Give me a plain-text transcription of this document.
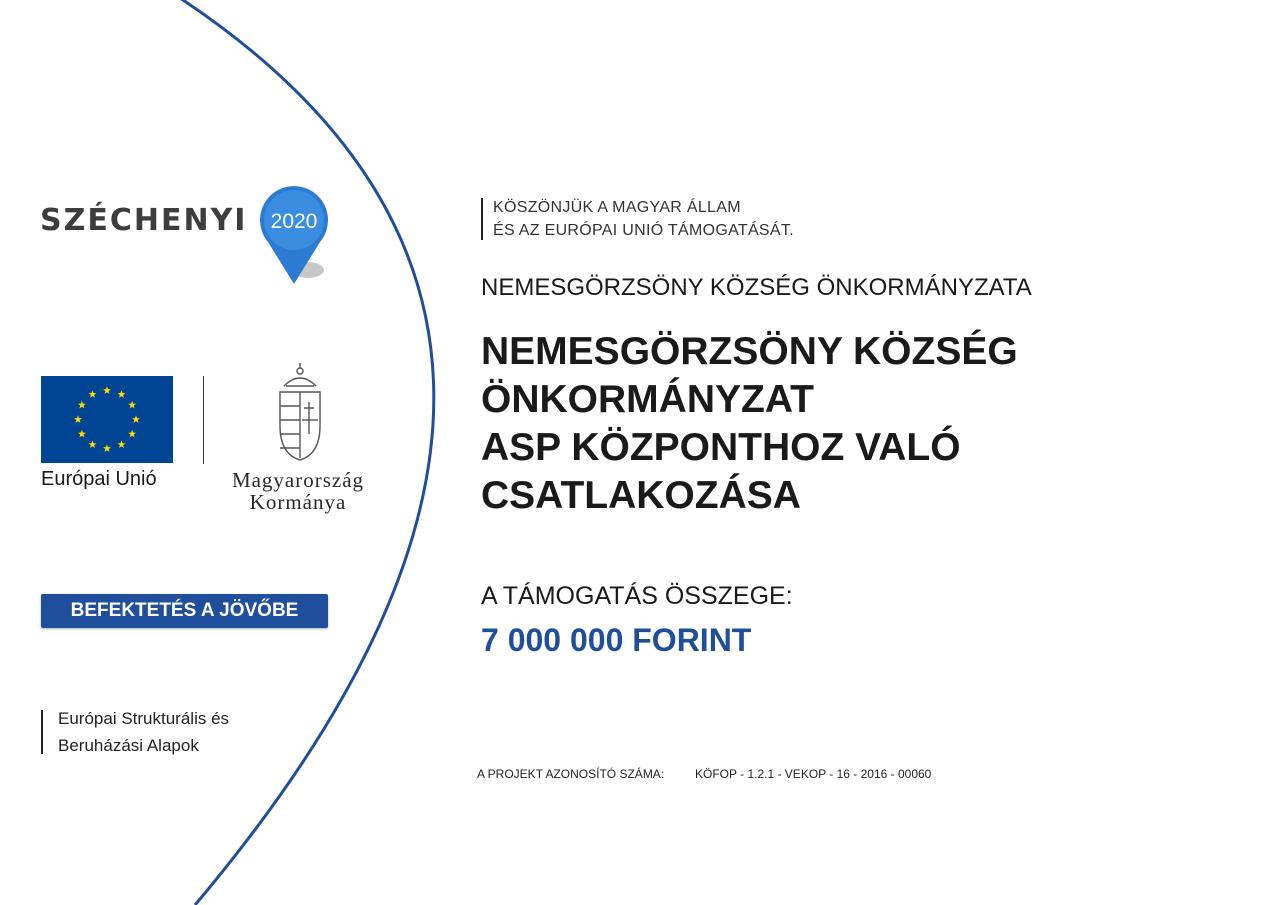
SZÉCHENYI 2020
Európai Unió	Magyarország
Kormánya
BEFEKTETÉS A JÖVŐBE
Európai Strukturális és
Beruházási Alapok
KÖSZÖNJÜK A MAGYAR ÁLLAM
ÉS AZ EURÓPAI UNIÓ TÁMOGATÁSÁT.
NEMESGÖRZSÖNY KÖZSÉG ÖNKORMÁNYZATA
NEMESGÖRZSÖNY KÖZSÉG
ÖNKORMÁNYZAT
ASP KÖZPONTHOZ VALÓ
CSATLAKOZÁSA
A TÁMOGATÁS ÖSSZEGE:
7 000 000 FORINT
A PROJEKT AZONOSÍTÓ SZÁMA:	KÖFOP - 1.2.1 - VEKOP - 16 - 2016 - 00060
